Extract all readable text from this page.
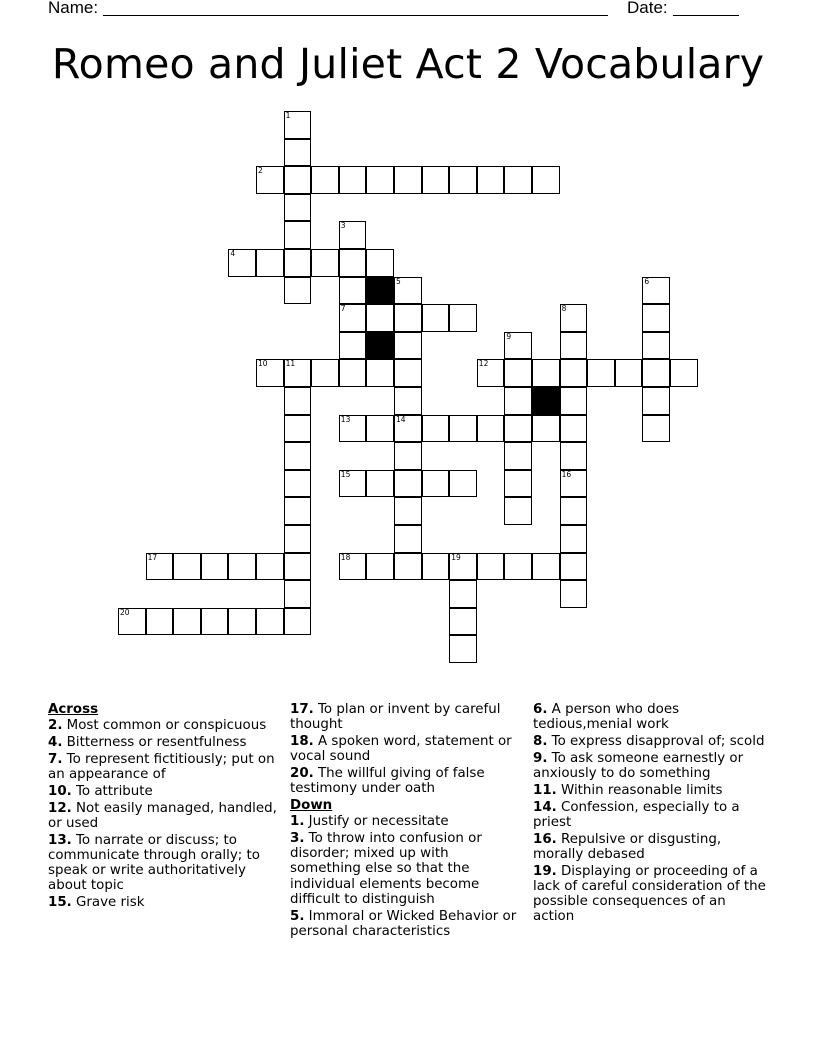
Name:	Date:
Romeo and Juliet Act 2 Vocabulary
1
2
3
7
4
5
14
6
8
9
10 11	12
13
15	16
17	18	19
20
Across
2. Most common or conspicuous
4. Bitterness or resentfulness
7. To represent fictitiously; put on an appearance of
10. To attribute
12. Not easily managed, handled, or used
13. To narrate or discuss; to communicate through orally; to speak or write authoritatively about topic
15. Grave risk
17. To plan or invent by careful thought
18. A spoken word, statement or vocal sound
20. The willful giving of false testimony under oath
Down
1. Justify or necessitate
3. To throw into confusion or disorder; mixed up with something else so that the individual elements become difficult to distinguish
5. Immoral or Wicked Behavior or personal characteristics
6. A person who does tedious,menial work
8. To express disapproval of; scold
9. To ask someone earnestly or anxiously to do something
11. Within reasonable limits
14. Confession, especially to a priest
16. Repulsive or disgusting, morally debased
19. Displaying or proceeding of a lack of careful consideration of the possible consequences of an action
